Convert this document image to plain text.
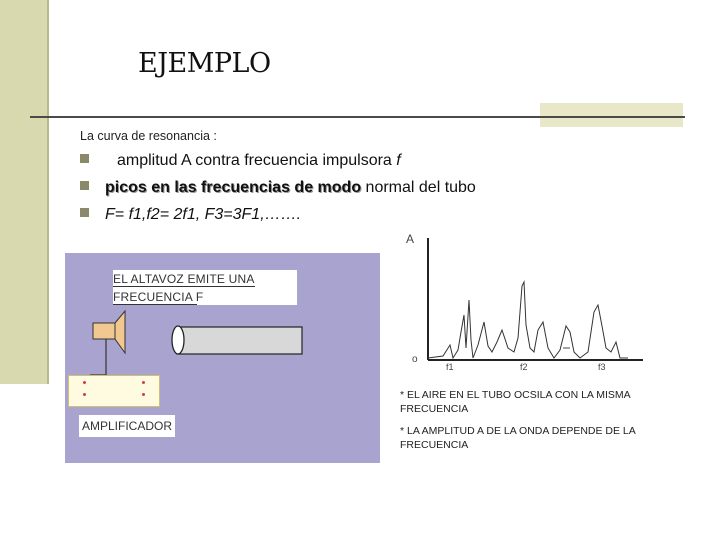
EJEMPLO
La curva de resonancia :
amplitud A contra frecuencia impulsora f
picos en las frecuencias de modo normal del tubo
F= f1,f2= 2f1, F3=3F1,…….
EL ALTAVOZ EMITE UNA
FRECUENCIA F
AMPLIFICADOR
A
o
f1	f2	f3
* EL AIRE EN EL TUBO OCSILA CON LA MISMA
FRECUENCIA
* LA AMPLITUD A DE LA ONDA DEPENDE DE LA
FRECUENCIA
